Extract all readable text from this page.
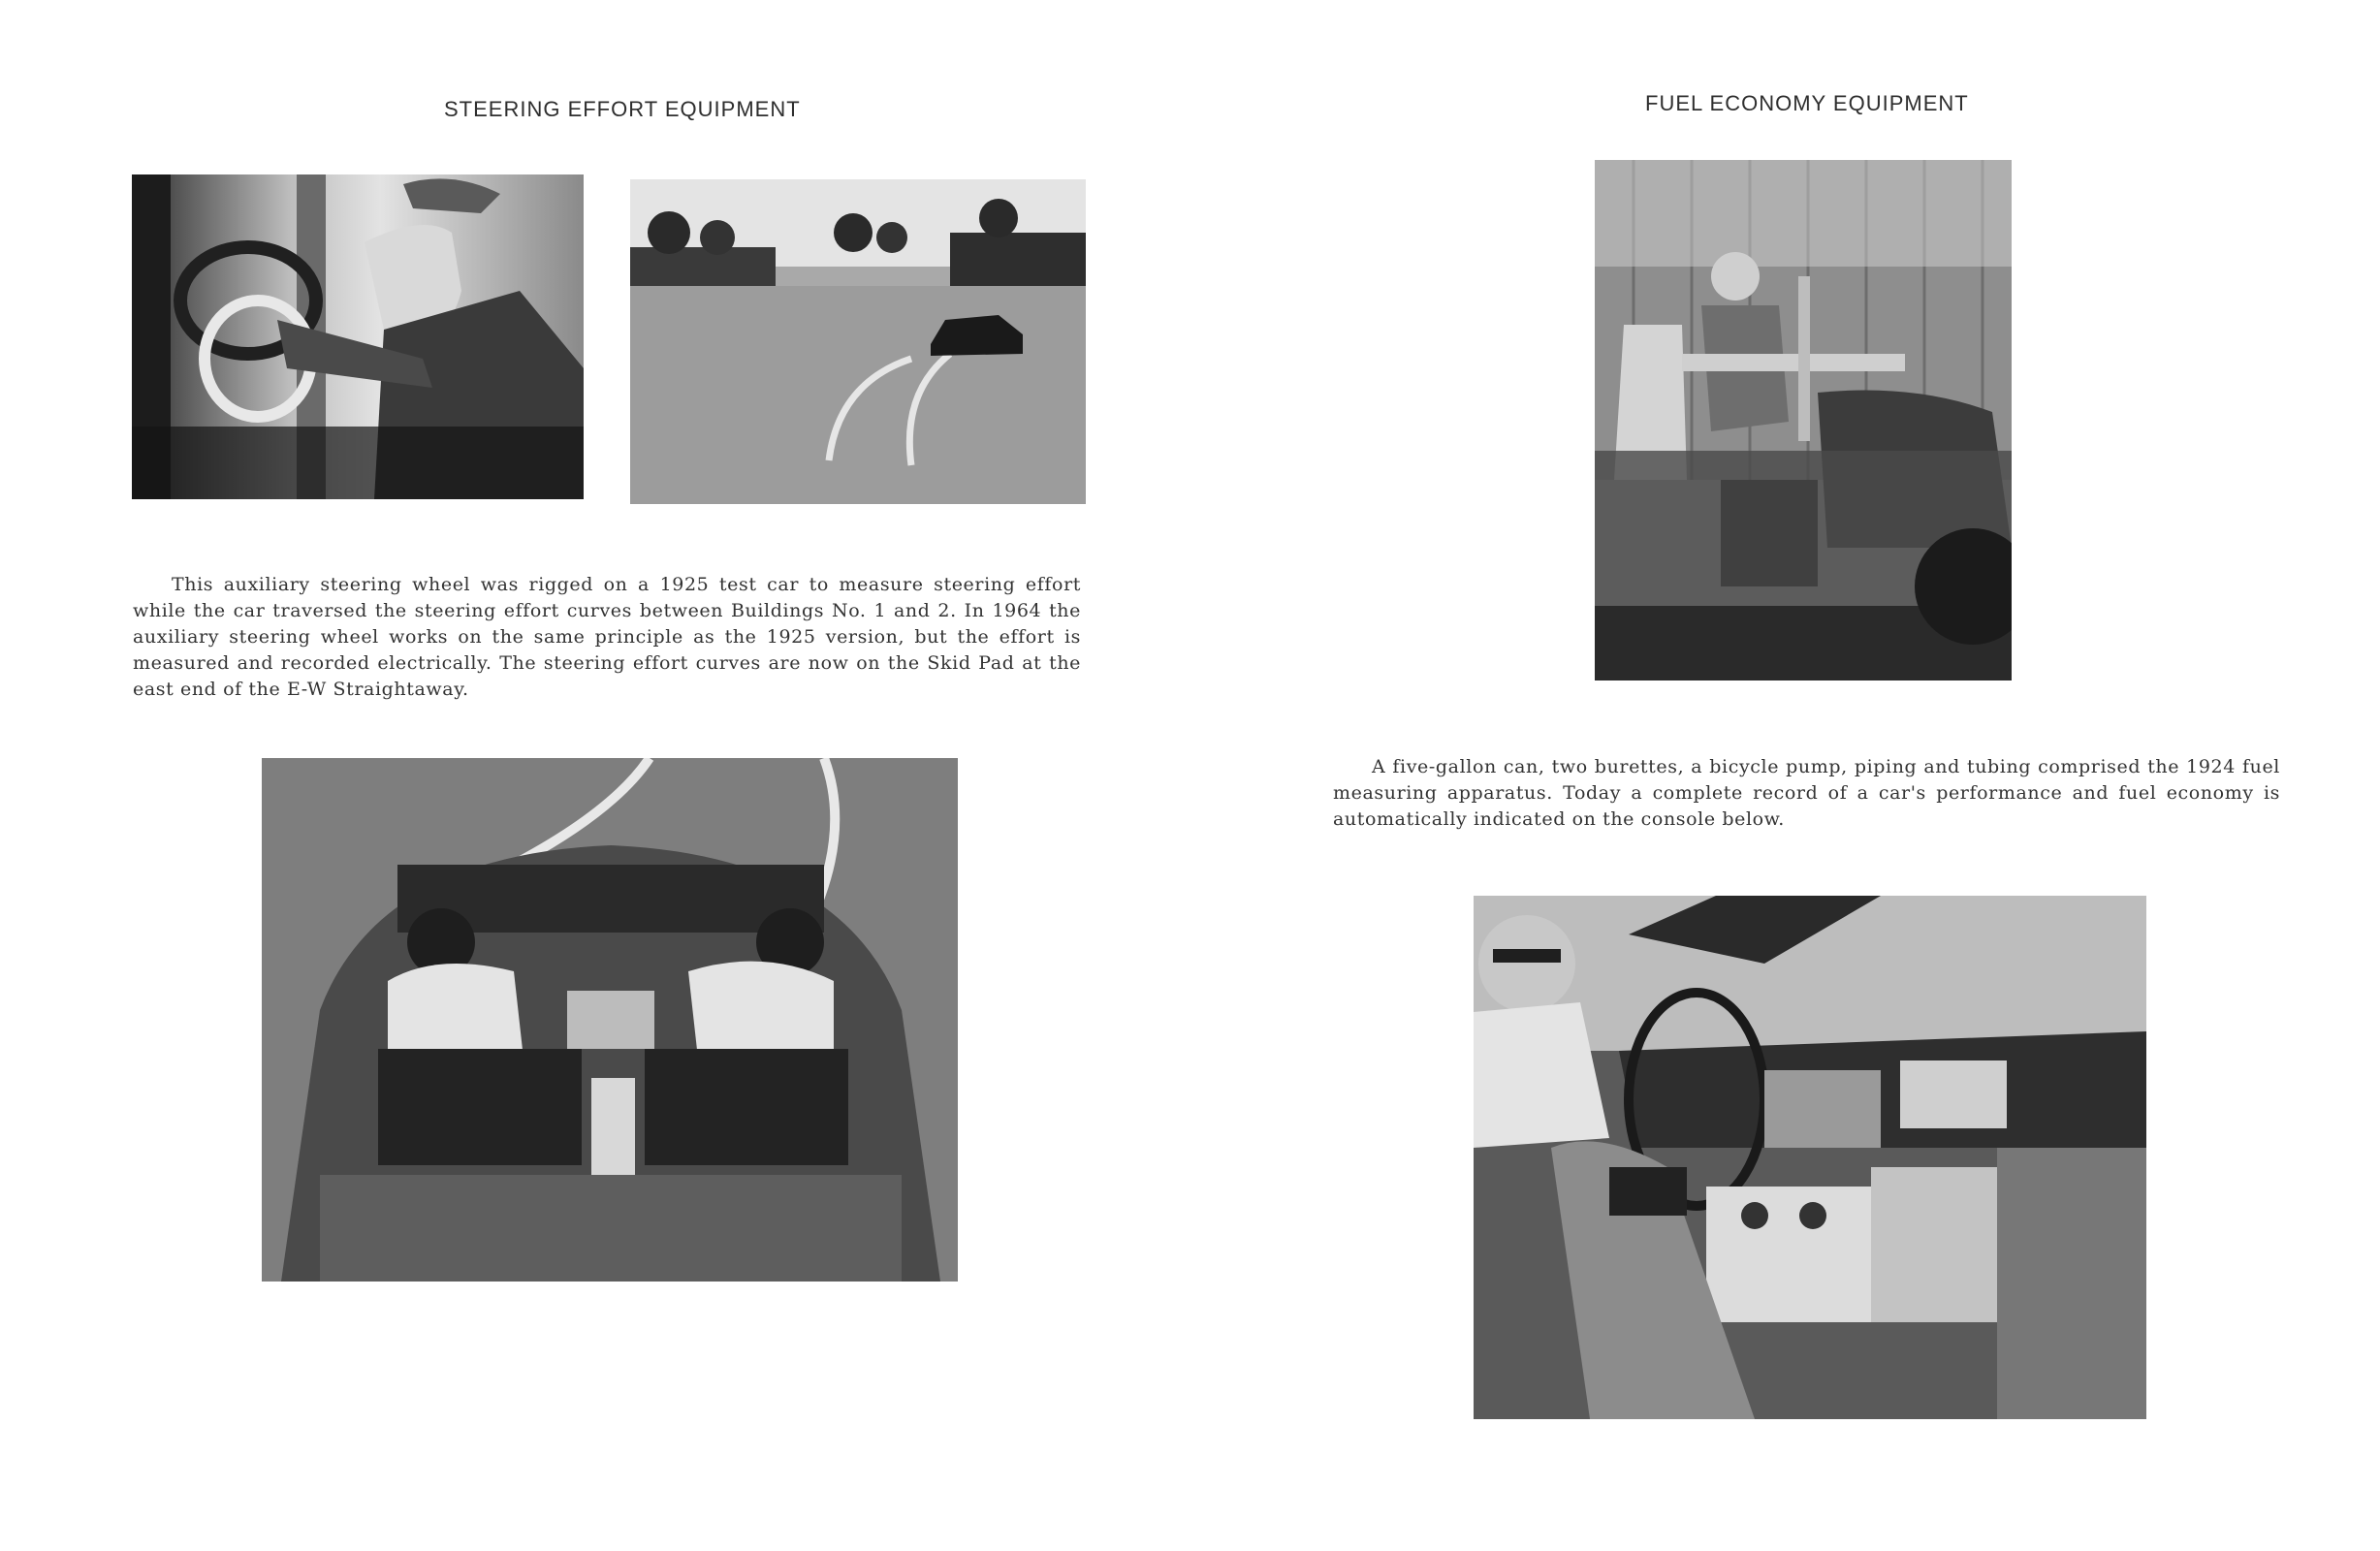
STEERING EFFORT EQUIPMENT
This auxiliary steering wheel was rigged on a 1925 test car to measure steering effort while the car traversed the steering effort curves between Buildings No. 1 and 2. In 1964 the auxiliary steering wheel works on the same principle as the 1925 version, but the effort is measured and recorded electrically. The steering effort curves are now on the Skid Pad at the east end of the E-W Straightaway.
FUEL ECONOMY EQUIPMENT
A five-gallon can, two burettes, a bicycle pump, piping and tubing comprised the 1924 fuel measuring apparatus. Today a complete record of a car's performance and fuel economy is automatically indicated on the console below.
